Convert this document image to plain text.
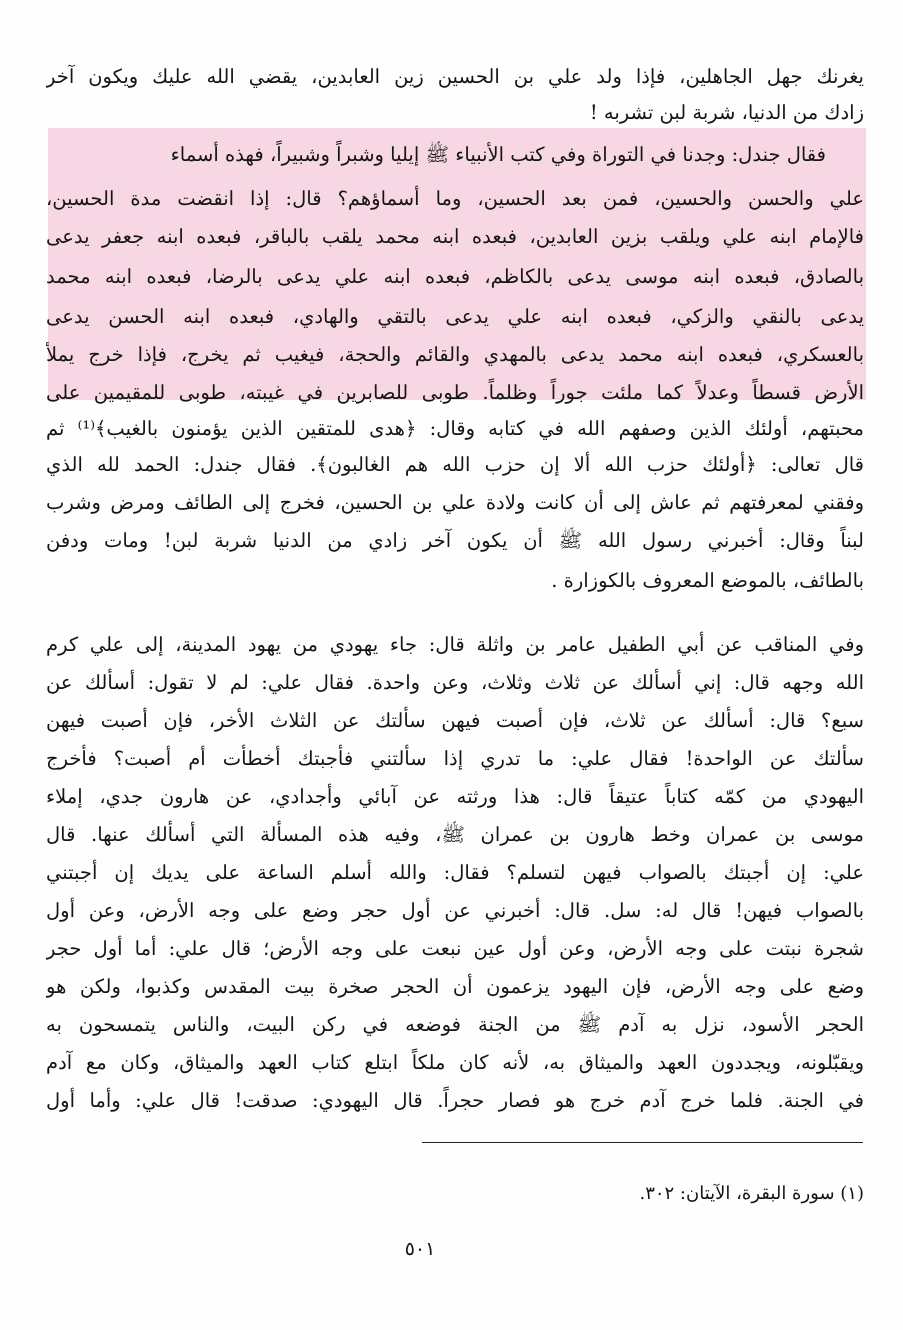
يغرنك جهل الجاهلين، فإذا ولد علي بن الحسين زين العابدين، يقضي الله عليك ويكون آخر
زادك من الدنيا، شربة لبن تشربه !
فقال جندل: وجدنا في التوراة وفي كتب الأنبياء ﷺ إيليا وشبراً وشبيراً، فهذه أسماء
علي والحسن والحسين، فمن بعد الحسين، وما أسماؤهم؟ قال: إذا انقضت مدة الحسين،
فالإمام ابنه علي ويلقب بزين العابدين، فبعده ابنه محمد يلقب بالباقر، فبعده ابنه جعفر يدعى
بالصادق، فبعده ابنه موسى يدعى بالكاظم، فبعده ابنه علي يدعى بالرضا، فبعده ابنه محمد
يدعى بالنقي والزكي، فبعده ابنه علي يدعى بالتقي والهادي، فبعده ابنه الحسن يدعى
بالعسكري، فبعده ابنه محمد يدعى بالمهدي والقائم والحجة، فيغيب ثم يخرج، فإذا خرج يملأ
الأرض قسطاً وعدلاً كما ملئت جوراً وظلماً. طوبى للصابرين في غيبته، طوبى للمقيمين على
محبتهم، أولئك الذين وصفهم الله في كتابه وقال: ﴿هدى للمتقين الذين يؤمنون بالغيب﴾⁽¹⁾ ثم
قال تعالى: ﴿أولئك حزب الله ألا إن حزب الله هم الغالبون﴾. فقال جندل: الحمد لله الذي
وفقني لمعرفتهم ثم عاش إلى أن كانت ولادة علي بن الحسين، فخرج إلى الطائف ومرض وشرب
لبناً وقال: أخبرني رسول الله ﷺ أن يكون آخر زادي من الدنيا شربة لبن! ومات ودفن
بالطائف، بالموضع المعروف بالكوزارة .
وفي المناقب عن أبي الطفيل عامر بن واثلة قال: جاء يهودي من يهود المدينة، إلى علي كرم
الله وجهه قال: إني أسألك عن ثلاث وثلاث، وعن واحدة. فقال علي: لم لا تقول: أسألك عن
سبع؟ قال: أسألك عن ثلاث، فإن أصبت فيهن سألتك عن الثلاث الأخر، فإن أصبت فيهن
سألتك عن الواحدة! فقال علي: ما تدري إذا سألتني فأجبتك أخطأت أم أصبت؟ فأخرج
اليهودي من كمّه كتاباً عتيقاً قال: هذا ورثته عن آبائي وأجدادي، عن هارون جدي، إملاء
موسى بن عمران وخط هارون بن عمران ﷺ، وفيه هذه المسألة التي أسألك عنها. قال
علي: إن أجبتك بالصواب فيهن لتسلم؟ فقال: والله أسلم الساعة على يديك إن أجبتني
بالصواب فيهن! قال له: سل. قال: أخبرني عن أول حجر وضع على وجه الأرض، وعن أول
شجرة نبتت على وجه الأرض، وعن أول عين نبعت على وجه الأرض؛ قال علي: أما أول حجر
وضع على وجه الأرض، فإن اليهود يزعمون أن الحجر صخرة بيت المقدس وكذبوا، ولكن هو
الحجر الأسود، نزل به آدم ﷺ من الجنة فوضعه في ركن البيت، والناس يتمسحون به
ويقبّلونه، ويجددون العهد والميثاق به، لأنه كان ملكاً ابتلع كتاب العهد والميثاق، وكان مع آدم
في الجنة. فلما خرج آدم خرج هو فصار حجراً. قال اليهودي: صدقت! قال علي: وأما أول
(١) سورة البقرة، الآيتان: ٣٠٢.
٥٠١
